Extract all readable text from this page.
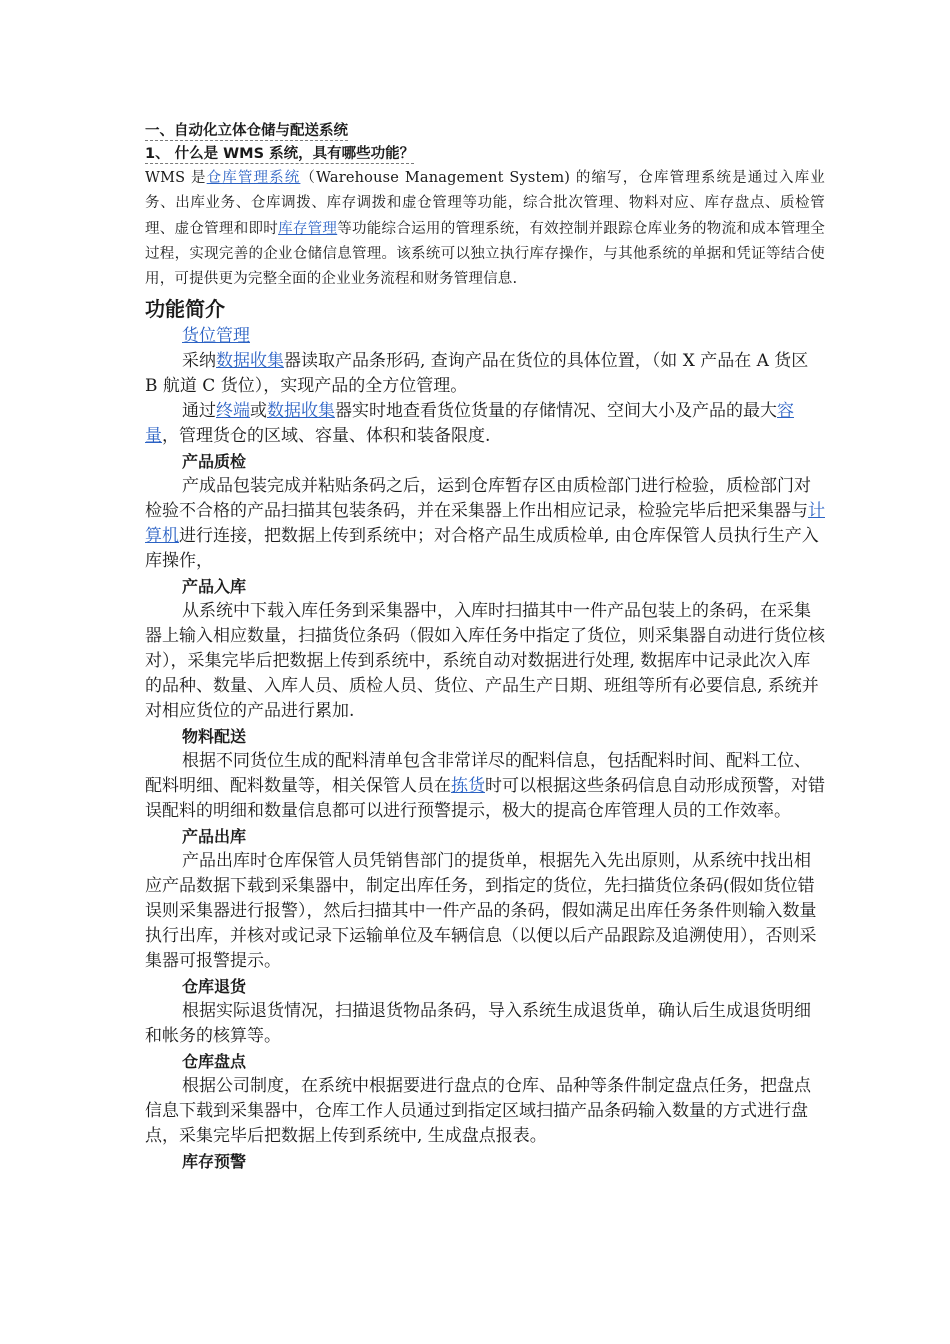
一、自动化立体仓储与配送系统

1、 什么是 WMS 系统，具有哪些功能？

WMS 是仓库管理系统（Warehouse Management System) 的缩写，仓库管理系统是通过入库业务、出库业务、仓库调拨、库存调拨和虚仓管理等功能，综合批次管理、物料对应、库存盘点、质检管理、虚仓管理和即时库存管理等功能综合运用的管理系统，有效控制并跟踪仓库业务的物流和成本管理全过程，实现完善的企业仓储信息管理。该系统可以独立执行库存操作，与其他系统的单据和凭证等结合使用，可提供更为完整全面的企业业务流程和财务管理信息.

功能简介

货位管理

采纳数据收集器读取产品条形码, 查询产品在货位的具体位置，（如 X 产品在 A 货区 B 航道 C 货位），实现产品的全方位管理。

通过终端或数据收集器实时地查看货位货量的存储情况、空间大小及产品的最大容量，管理货仓的区域、容量、体积和装备限度.

产品质检

产成品包装完成并粘贴条码之后，运到仓库暂存区由质检部门进行检验，质检部门对检验不合格的产品扫描其包装条码，并在采集器上作出相应记录，检验完毕后把采集器与计算机进行连接，把数据上传到系统中；对合格产品生成质检单, 由仓库保管人员执行生产入库操作，

产品入库

从系统中下载入库任务到采集器中，入库时扫描其中一件产品包装上的条码，在采集器上输入相应数量，扫描货位条码（假如入库任务中指定了货位，则采集器自动进行货位核对），采集完毕后把数据上传到系统中，系统自动对数据进行处理, 数据库中记录此次入库的品种、数量、入库人员、质检人员、货位、产品生产日期、班组等所有必要信息, 系统并对相应货位的产品进行累加.

物料配送

根据不同货位生成的配料清单包含非常详尽的配料信息，包括配料时间、配料工位、配料明细、配料数量等，相关保管人员在拣货时可以根据这些条码信息自动形成预警，对错误配料的明细和数量信息都可以进行预警提示，极大的提高仓库管理人员的工作效率。

产品出库

产品出库时仓库保管人员凭销售部门的提货单，根据先入先出原则，从系统中找出相应产品数据下载到采集器中，制定出库任务，到指定的货位，先扫描货位条码(假如货位错误则采集器进行报警），然后扫描其中一件产品的条码，假如满足出库任务条件则输入数量执行出库，并核对或记录下运输单位及车辆信息（以便以后产品跟踪及追溯使用），否则采集器可报警提示。

仓库退货

根据实际退货情况，扫描退货物品条码，导入系统生成退货单，确认后生成退货明细和帐务的核算等。

仓库盘点

根据公司制度，在系统中根据要进行盘点的仓库、品种等条件制定盘点任务，把盘点信息下载到采集器中，仓库工作人员通过到指定区域扫描产品条码输入数量的方式进行盘点，采集完毕后把数据上传到系统中, 生成盘点报表。

库存预警
